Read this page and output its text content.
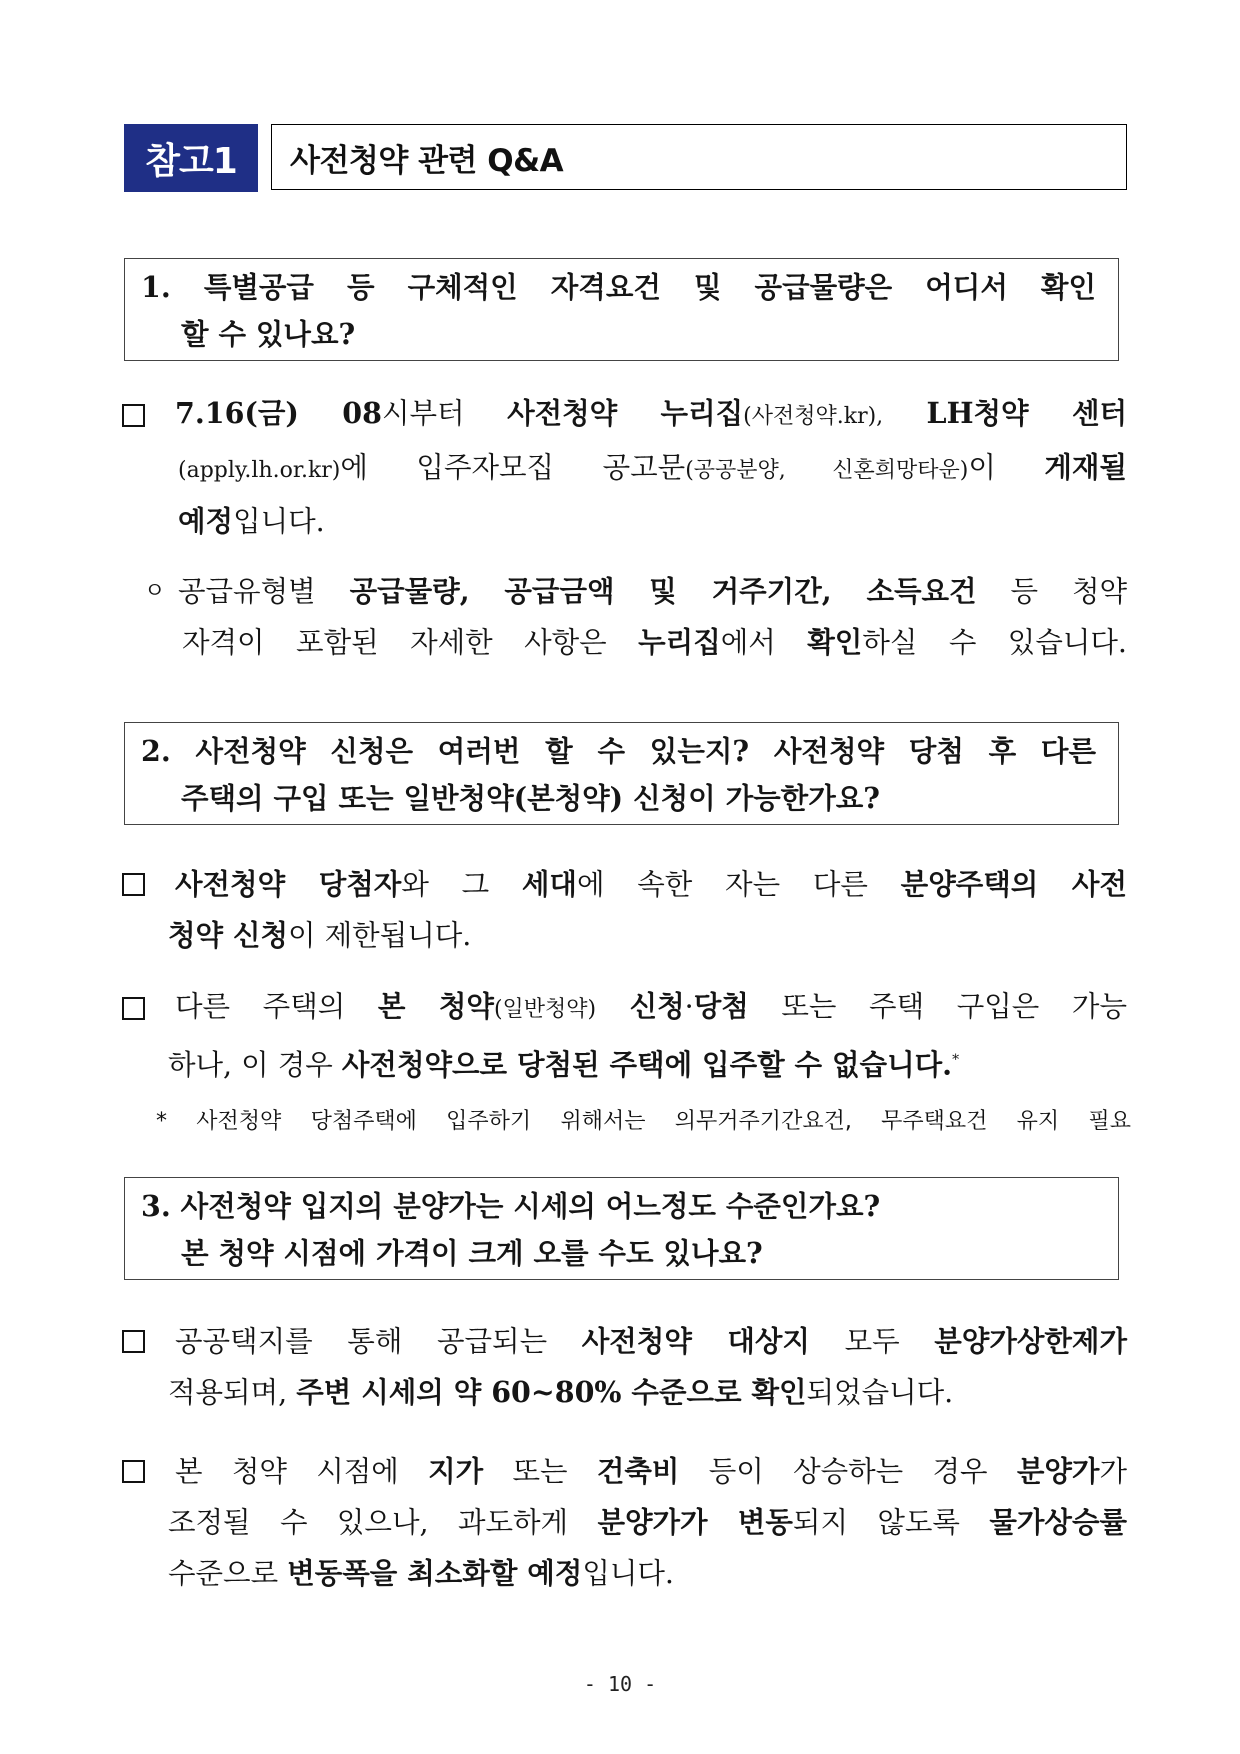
참고1	사전청약 관련 Q&A
1. 특별공급 등 구체적인 자격요건 및 공급물량은 어디서 확인
할 수 있나요?
7.16(금) 08시부터 사전청약 누리집(사전청약.kr), LH청약 센터
(apply.lh.or.kr)에 입주자모집 공고문(공공분양, 신혼희망타운)이 게재될
예정입니다.
ㅇ 공급유형별 공급물량, 공급금액 및 거주기간, 소득요건 등 청약
자격이 포함된 자세한 사항은 누리집에서 확인하실 수 있습니다.
2. 사전청약 신청은 여러번 할 수 있는지? 사전청약 당첨 후 다른
주택의 구입 또는 일반청약(본청약) 신청이 가능한가요?
사전청약 당첨자와 그 세대에 속한 자는 다른 분양주택의 사전
청약 신청이 제한됩니다.
다른 주택의 본 청약(일반청약) 신청·당첨 또는 주택 구입은 가능
하나, 이 경우 사전청약으로 당첨된 주택에 입주할 수 없습니다.*
* 사전청약 당첨주택에 입주하기 위해서는 의무거주기간요건, 무주택요건 유지 필요
3. 사전청약 입지의 분양가는 시세의 어느정도 수준인가요?
본 청약 시점에 가격이 크게 오를 수도 있나요?
공공택지를 통해 공급되는 사전청약 대상지 모두 분양가상한제가
적용되며, 주변 시세의 약 60~80% 수준으로 확인되었습니다.
본 청약 시점에 지가 또는 건축비 등이 상승하는 경우 분양가가
조정될 수 있으나, 과도하게 분양가가 변동되지 않도록 물가상승률
수준으로 변동폭을 최소화할 예정입니다.
- 10 -
